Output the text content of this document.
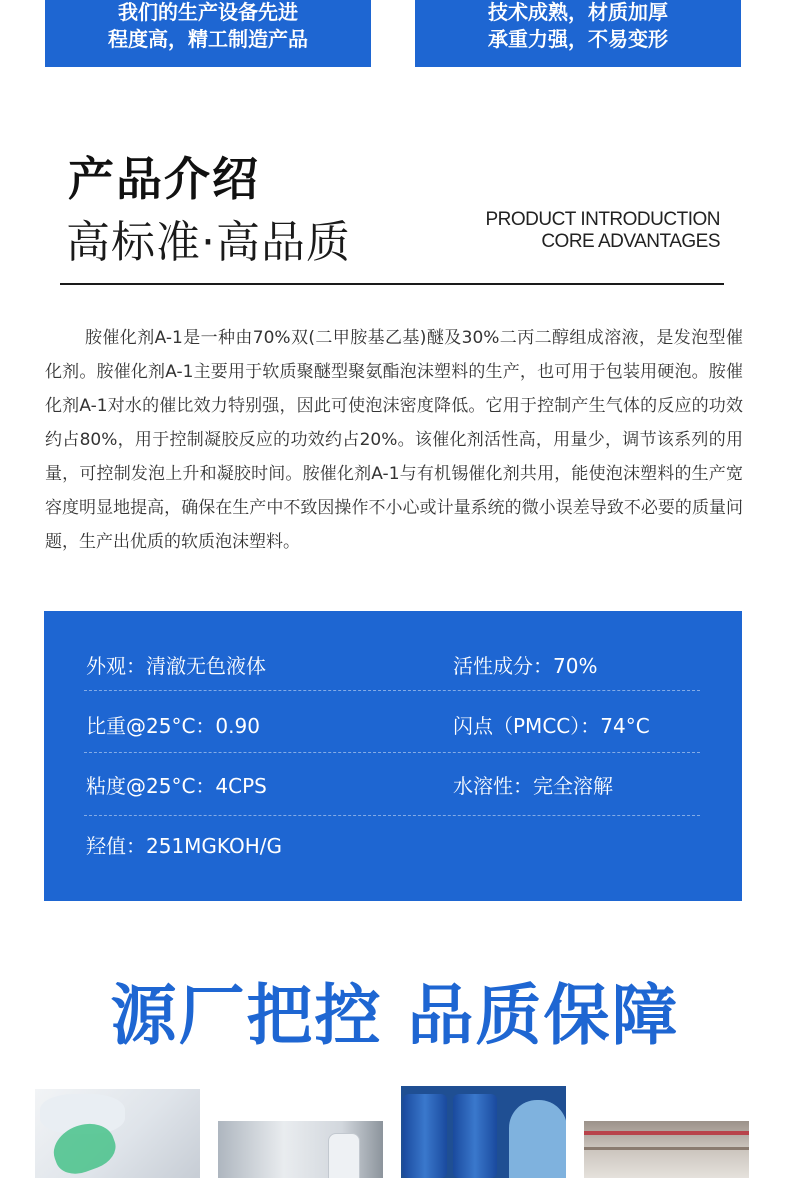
我们的生产设备先进
程度高，精工制造产品
技术成熟，材质加厚
承重力强，不易变形
产品介绍
高标准·高品质	PRODUCT INTRODUCTION
CORE ADVANTAGES

胺催化剂A-1是一种由70%双(二甲胺基乙基)醚及30%二丙二醇组成溶液，是发泡型催化剂。胺催化剂A-1主要用于软质聚醚型聚氨酯泡沫塑料的生产，也可用于包装用硬泡。胺催化剂A-1对水的催比效力特别强，因此可使泡沫密度降低。它用于控制产生气体的反应的功效约占80%，用于控制凝胶反应的功效约占20%。该催化剂活性高，用量少，调节该系列的用量，可控制发泡上升和凝胶时间。胺催化剂A-1与有机锡催化剂共用，能使泡沫塑料的生产宽容度明显地提高，确保在生产中不致因操作不小心或计量系统的微小误差导致不必要的质量问题，生产出优质的软质泡沫塑料。

外观：清澈无色液体	活性成分：70%
比重@25°C：0.90	闪点（PMCC）：74°C
粘度@25°C：4CPS	水溶性：完全溶解
羟值：251MGKOH/G
源厂把控 品质保障
